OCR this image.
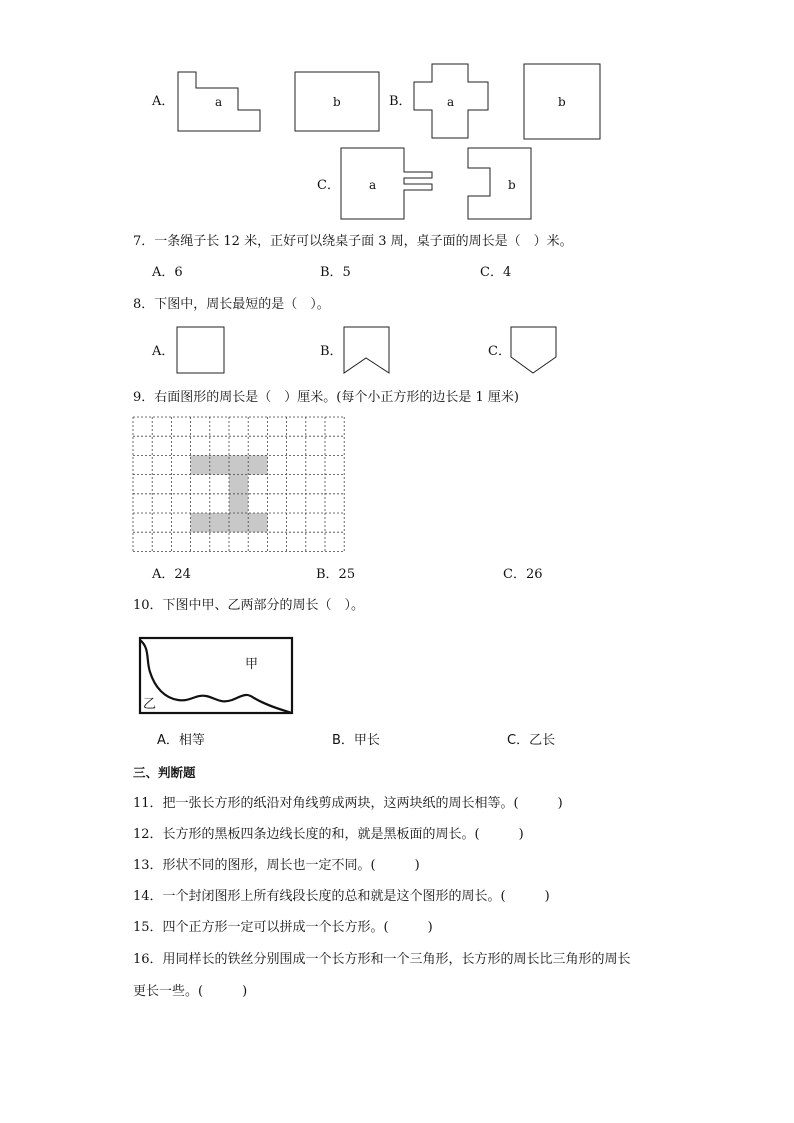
A．	a	b	a	b
a	b
B．
C．
7．一条绳子长 12 米，正好可以绕桌子面 3 周，桌子面的周长是（　）米。
A．6	B．5	C．4
8．下图中，周长最短的是（　）。
A．	B．	C．
9．右面图形的周长是（　）厘米。(每个小正方形的边长是 1 厘米)
A．24	B．25	C．26
10．下图中甲、乙两部分的周长（　）。
甲
乙
A．相等	B．甲长	C．乙长
三、判断题
11．把一张长方形的纸沿对角线剪成两块，这两块纸的周长相等。(　　　)
12．长方形的黑板四条边线长度的和，就是黑板面的周长。(　　　)
13．形状不同的图形，周长也一定不同。(　　　)
14．一个封闭图形上所有线段长度的总和就是这个图形的周长。(　　　)
15．四个正方形一定可以拼成一个长方形。(　　　)
16．用同样长的铁丝分别围成一个长方形和一个三角形，长方形的周长比三角形的周长
更长一些。(　　　)
